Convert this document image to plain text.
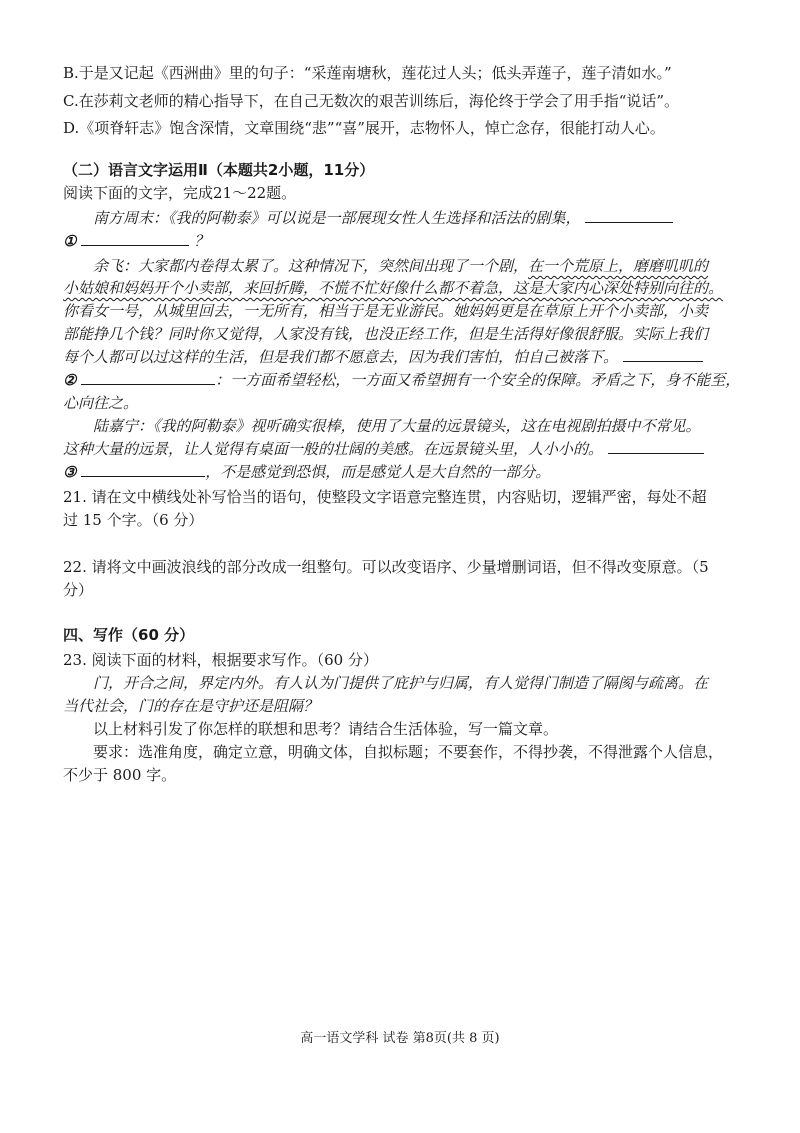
B.于是又记起《西洲曲》里的句子：“采莲南塘秋，莲花过人头；低头弄莲子，莲子清如水。”
C.在莎莉文老师的精心指导下，在自己无数次的艰苦训练后，海伦终于学会了用手指“说话”。
D.《项脊轩志》饱含深情，文章围绕“悲”“喜”展开，志物怀人，悼亡念存，很能打动人心。
（二）语言文字运用Ⅱ（本题共2小题，11分）
阅读下面的文字，完成21～22题。
南方周末：《我的阿勒泰》可以说是一部展现女性人生选择和活法的剧集，
①	？
余飞：大家都内卷得太累了。这种情况下，突然间出现了一个剧，在一个荒原上，磨磨叽叽的
小姑娘和妈妈开个小卖部，来回折腾，不慌不忙好像什么都不着急，这是大家内心深处特别向往的。
你看女一号，从城里回去，一无所有，相当于是无业游民。她妈妈更是在草原上开个小卖部，小卖
部能挣几个钱？同时你又觉得，人家没有钱，也没正经工作，但是生活得好像很舒服。实际上我们
每个人都可以过这样的生活，但是我们都不愿意去，因为我们害怕，怕自己被落下。
②	：一方面希望轻松，一方面又希望拥有一个安全的保障。矛盾之下，身不能至，
心向往之。
陆嘉宁：《我的阿勒泰》视听确实很棒，使用了大量的远景镜头，这在电视剧拍摄中不常见。
这种大量的远景，让人觉得有桌面一般的壮阔的美感。在远景镜头里，人小小的。
③	，不是感觉到恐惧，而是感觉人是大自然的一部分。
21. 请在文中横线处补写恰当的语句，使整段文字语意完整连贯，内容贴切，逻辑严密，每处不超
过 15 个字。（6 分）
22. 请将文中画波浪线的部分改成一组整句。可以改变语序、少量增删词语，但不得改变原意。（5
分）
四、写作（60 分）
23. 阅读下面的材料，根据要求写作。（60 分）
门，开合之间，界定内外。有人认为门提供了庇护与归属，有人觉得门制造了隔阂与疏离。在
当代社会，门的存在是守护还是阻隔？
以上材料引发了你怎样的联想和思考？请结合生活体验，写一篇文章。
要求：选准角度，确定立意，明确文体，自拟标题；不要套作，不得抄袭，不得泄露个人信息，
不少于 800 字。
高一语文学科 试卷 第8页(共 8 页)
